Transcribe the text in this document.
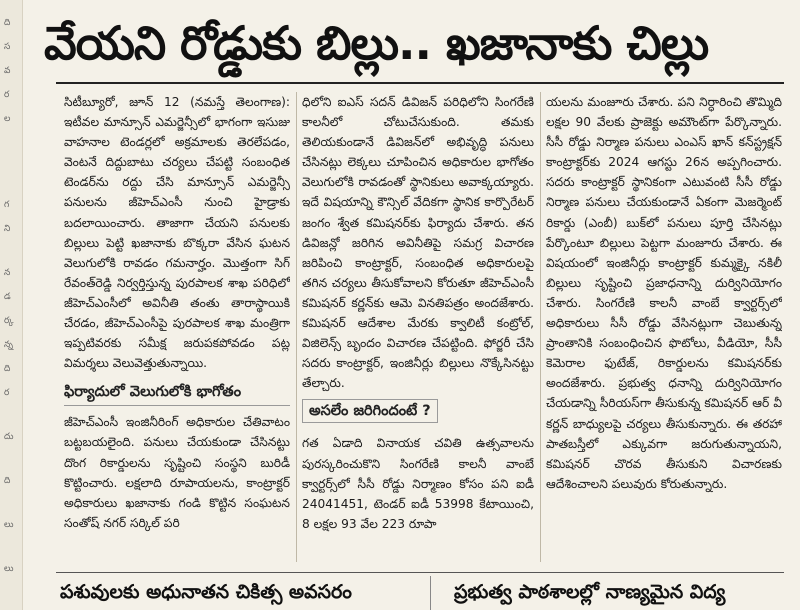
ది
స
వ
ర
ల
గ
ని
న
డ
ర్క
న్న
ది
ర
దు
ది
లు
లు
వేయని రోడ్డుకు బిల్లు.. ఖజానాకు చిల్లు

సిటీబ్యూరో, జూన్ 12 (నమస్తే తెలంగాణ): ఇటీవల మాన్సూన్ ఎమర్జెన్సీలో భాగంగా ఇసుజు వాహనాల టెండర్లలో అక్రమాలకు తెరలేపడం, వెంటనే దిద్దుబాటు చర్యలు చేపట్టి సంబంధిత టెండర్‌ను రద్దు చేసి మాన్సూన్ ఎమర్జెన్సీ పనులను జీహెచ్ఎంసీ నుంచి హైడ్రాకు బదలాయించారు. తాజాగా చేయని పనులకు బిల్లులు పెట్టి ఖజానాకు బొక్కరా వేసిన ఘటన వెలుగులోకి రావడం గమనార్హం. మొత్తంగా సిగ్ రేవంత్‌రెడ్డి నిర్వర్తిస్తున్న పురపాలక శాఖ పరిధిలో జీహెచ్ఎంసీలో అవినీతి తంతు తారాస్థాయికి చేరడం, జీహెచ్ఎంసీపై పురపాలక శాఖ మంత్రిగా ఇప్పటివరకు సమీక్ష జరుపకపోవడం పట్ల విమర్శలు వెలువెత్తుతున్నాయి.

ఫిర్యాదులో వెలుగులోకి భాగోతం

జీహెచ్ఎంసీ ఇంజినీరింగ్ అధికారుల చేతివాటం బట్టబయలైంది. పనులు చేయకుండా చేసినట్టు దొంగ రికార్డులను సృష్టించి సంస్థని బురిడీ కొట్టించారు. లక్షలాది రూపాయలను, కాంట్రాక్టర్ అధికారులు ఖజానాకు గండి కొట్టిన సంఘటన సంతోష్ నగర్ సర్కిల్ పరి

ధిలోని ఐఎస్ సదన్ డివిజన్ పరిధిలోని సింగరేణి కాలనీలో చోటుచేసుకుంది. తమకు తెలియకుండానే డివిజన్‌లో అభివృద్ధి పనులు చేసినట్లు లెక్కలు చూపించిన అధికారుల భాగోతం వెలుగులోకి రావడంతో స్థానికులు అవాక్కయ్యారు. ఇదే విషయాన్ని కౌన్సిల్ వేదికగా స్థానిక కార్పొరేటర్ జంగం శ్వేత కమిషనర్‌కు ఫిర్యాదు చేశారు. తన డివిజన్లో జరిగిన అవినీతిపై సమగ్ర విచారణ జరిపించి కాంట్రాక్టర్, సంబంధిత అధికారులపై తగిన చర్యలు తీసుకోవాలని కోరుతూ జీహెచ్ఎంసీ కమిషనర్ కర్ణన్‌కు ఆమె వినతిపత్రం అందజేశారు. కమిషనర్ ఆదేశాల మేరకు క్వాలిటీ కంట్రోల్, విజిలెన్స్ బృందం విచారణ చేపట్టింది. ఫోర్జరీ చేసి సదరు కాంట్రాక్టర్, ఇంజినీర్లు బిల్లులు నొక్కేసినట్టు తేల్చారు.

అసలేం జరిగిందంటే ?

గత ఏడాది వినాయక చవితి ఉత్సవాలను పురస్కరించుకొని సింగరేణి కాలనీ వాంబే క్వార్టర్స్‌లో సీసీ రోడ్డు నిర్మాణం కోసం పని ఐడీ 24041451, టెండర్ ఐడీ 53998 కేటాయించి, 8 లక్షల 93 వేల 223 రూపా

యలను మంజూరు చేశారు. పని నిర్ధారించి తొమ్మిది లక్షల 90 వేలకు ప్రాజెక్టు అమౌంట్‌గా పేర్కొన్నారు. సీసీ రోడ్డు నిర్మాణ పనులు ఎంఎస్ ఖాన్ కన్‌స్ట్రక్షన్ కాంట్రాక్టర్‌కు 2024 ఆగస్టు 26న అప్పగించారు. సదరు కాంట్రాక్టర్ స్థానికంగా ఎటువంటి సీసీ రోడ్డు నిర్మాణ పనులు చేయకుండానే ఏకంగా మెజర్మెంట్ రికార్డు (ఎంబీ) బుక్‌లో పనులు పూర్తి చేసినట్లు పేర్కొంటూ బిల్లులు పెట్టగా మంజూరు చేశారు. ఈ విషయంలో ఇంజినీర్లు కాంట్రాక్టర్ కుమ్మక్కై నకిలీ బిల్లులు సృష్టించి ప్రజాధనాన్ని దుర్వినియోగం చేశారు. సింగరేణి కాలనీ వాంబే క్వార్టర్స్‌లో అధికారులు సీసీ రోడ్డు వేసినట్లుగా చెబుతున్న ప్రాంతానికి సంబంధించిన ఫొటోలు, వీడియో, సీసీ కెమెరాల ఫుటేజ్, రికార్డులను కమిషనర్‌కు అందజేశారు. ప్రభుత్వ ధనాన్ని దుర్వినియోగం చేయడాన్ని సీరియస్‌గా తీసుకున్న కమిషనర్ ఆర్ వీ కర్ణన్ బాధ్యులపై చర్యలు తీసుకున్నారు. ఈ తరహా పాతబస్తీలో ఎక్కువగా జరుగుతున్నాయని, కమిషనర్ చొరవ తీసుకుని విచారణకు ఆదేశించాలని పలువురు కోరుతున్నారు.

పశువులకు అధునాతన చికిత్స అవసరం	ప్రభుత్వ పాఠశాలల్లో నాణ్యమైన విద్య
